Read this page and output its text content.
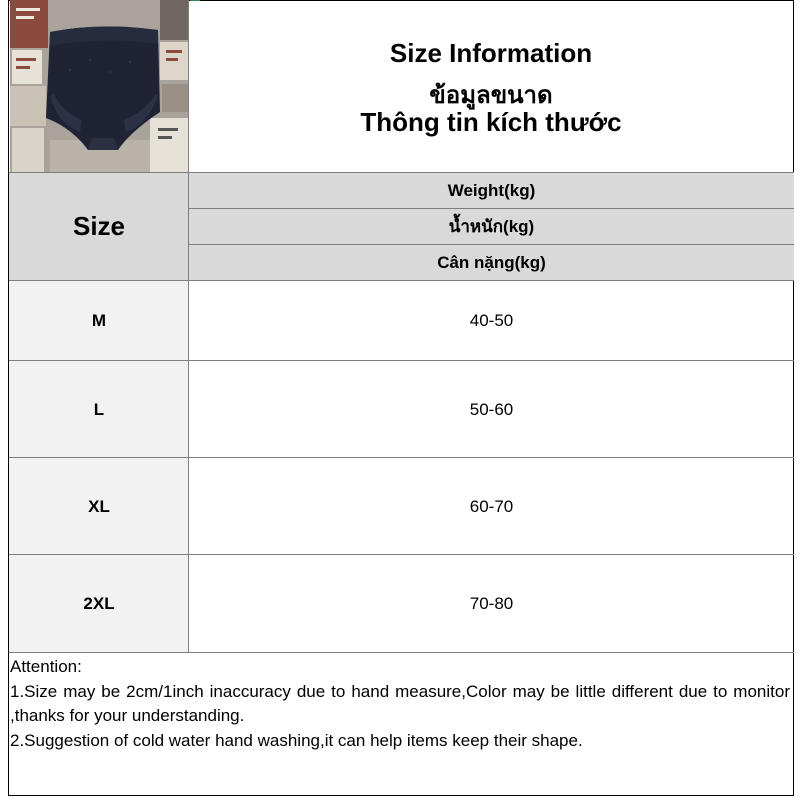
Size Information
ข้อมูลขนาด
Thông tin kích thước
Size
Weight(kg)
น้ำหนัก(kg)
Cân nặng(kg)
M	40-50
L	50-60
XL	60-70
2XL	70-80
Attention:
1.Size may be 2cm/1inch inaccuracy due to hand measure,Color may be little different due to monitor ,thanks for your understanding.
2.Suggestion of cold water hand washing,it can help items keep their shape.
